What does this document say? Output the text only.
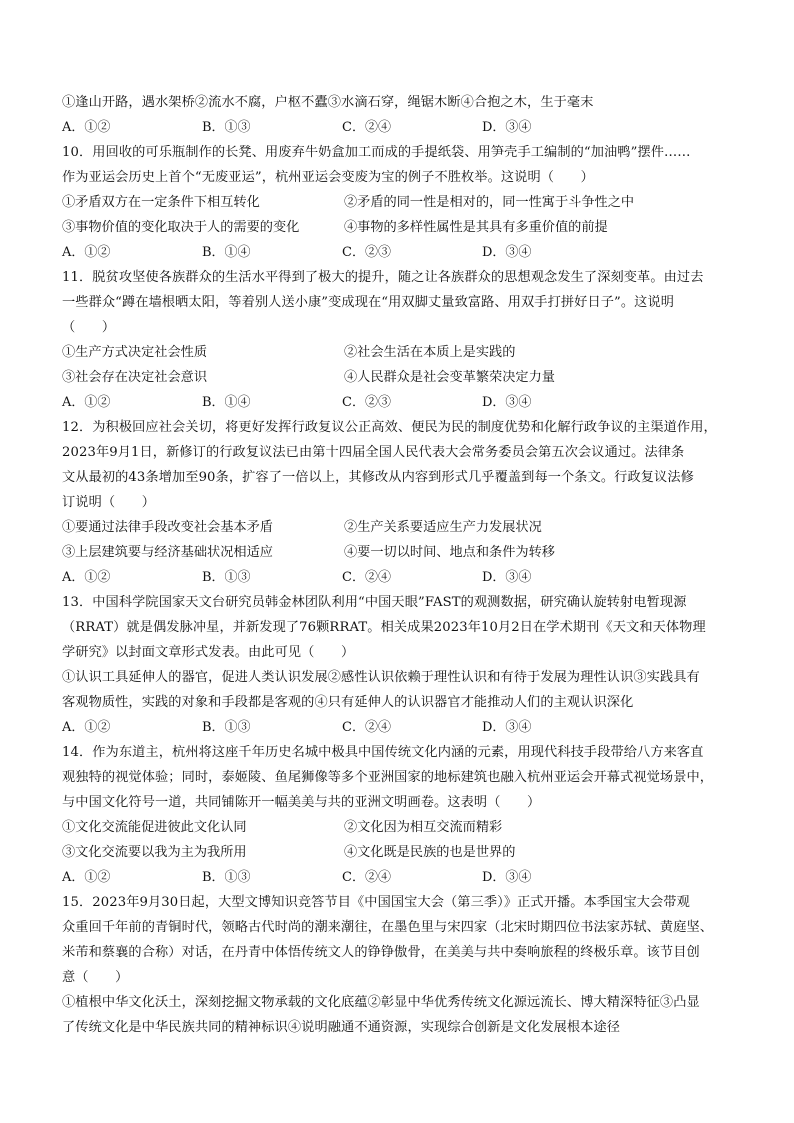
①逢山开路，遇水架桥②流水不腐，户枢不蠹③水滴石穿，绳锯木断④合抱之木，生于毫末
A．①②	B．①③	C．②④	D．③④
10．用回收的可乐瓶制作的长凳、用废弃牛奶盒加工而成的手提纸袋、用笋壳手工编制的“加油鸭”摆件……
作为亚运会历史上首个“无废亚运”，杭州亚运会变废为宝的例子不胜枚举。这说明（　　）
①矛盾双方在一定条件下相互转化	②矛盾的同一性是相对的，同一性寓于斗争性之中
③事物价值的变化取决于人的需要的变化	④事物的多样性属性是其具有多重价值的前提
A．①②	B．①④	C．②③	D．③④
11．脱贫攻坚使各族群众的生活水平得到了极大的提升，随之让各族群众的思想观念发生了深刻变革。由过去
一些群众“蹲在墙根晒太阳，等着别人送小康”变成现在“用双脚丈量致富路、用双手打拼好日子”。这说明
（　　）
①生产方式决定社会性质	②社会生活在本质上是实践的
③社会存在决定社会意识	④人民群众是社会变革繁荣决定力量
A．①②	B．①④	C．②③	D．③④
12．为积极回应社会关切，将更好发挥行政复议公正高效、便民为民的制度优势和化解行政争议的主渠道作用，
2023年9月1日，新修订的行政复议法已由第十四届全国人民代表大会常务委员会第五次会议通过。法律条
文从最初的43条增加至90条，扩容了一倍以上，其修改从内容到形式几乎覆盖到每一个条文。行政复议法修
订说明（　　）
①要通过法律手段改变社会基本矛盾	②生产关系要适应生产力发展状况
③上层建筑要与经济基础状况相适应	④要一切以时间、地点和条件为转移
A．①②	B．①③	C．②④	D．③④
13．中国科学院国家天文台研究员韩金林团队利用“中国天眼”FAST的观测数据，研究确认旋转射电暂现源
（RRAT）就是偶发脉冲星，并新发现了76颗RRAT。相关成果2023年10月2日在学术期刊《天文和天体物理
学研究》以封面文章形式发表。由此可见（　　）
①认识工具延伸人的器官，促进人类认识发展②感性认识依赖于理性认识和有待于发展为理性认识③实践具有
客观物质性，实践的对象和手段都是客观的④只有延伸人的认识器官才能推动人们的主观认识深化
A．①②	B．①③	C．②④	D．③④
14．作为东道主，杭州将这座千年历史名城中极具中国传统文化内涵的元素，用现代科技手段带给八方来客直
观独特的视觉体验；同时，泰姬陵、鱼尾狮像等多个亚洲国家的地标建筑也融入杭州亚运会开幕式视觉场景中，
与中国文化符号一道，共同铺陈开一幅美美与共的亚洲文明画卷。这表明（　　）
①文化交流能促进彼此文化认同	②文化因为相互交流而精彩
③文化交流要以我为主为我所用	④文化既是民族的也是世界的
A．①②	B．①③	C．②④	D．③④
15．2023年9月30日起，大型文博知识竞答节目《中国国宝大会（第三季）》正式开播。本季国宝大会带观
众重回千年前的青铜时代，领略古代时尚的潮来潮往，在墨色里与宋四家（北宋时期四位书法家苏轼、黄庭坚、
米芾和蔡襄的合称）对话，在丹青中体悟传统文人的铮铮傲骨，在美美与共中奏响旅程的终极乐章。该节目创
意（　　）
①植根中华文化沃土，深刻挖掘文物承载的文化底蕴②彰显中华优秀传统文化源远流长、博大精深特征③凸显
了传统文化是中华民族共同的精神标识④说明融通不通资源，实现综合创新是文化发展根本途径
